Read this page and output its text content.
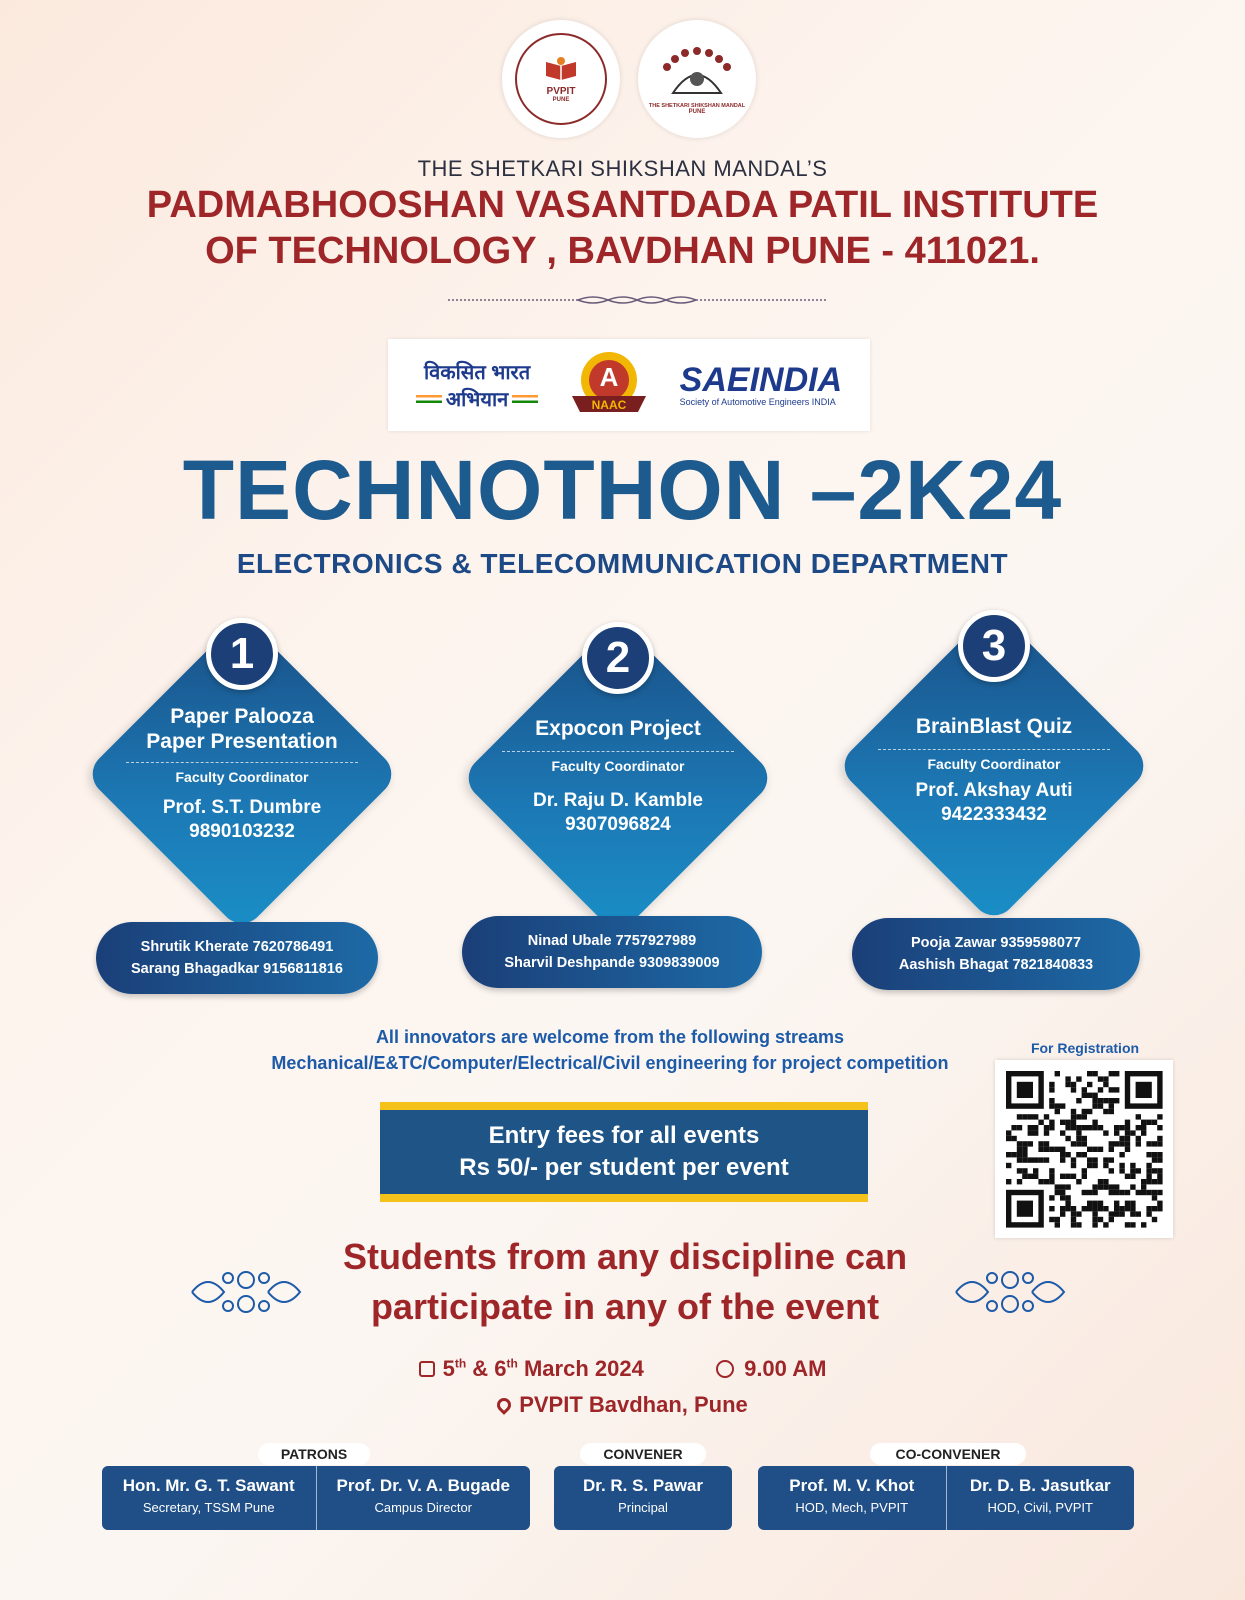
PVPIT
PUNE
THE SHETKARI SHIKSHAN MANDAL
PUNE
THE SHETKARI SHIKSHAN MANDAL’S
PADMABHOOSHAN VASANTDADA PATIL INSTITUTE
OF TECHNOLOGY , BAVDHAN PUNE - 411021.
विकसित भारत
अभियान
A
NAAC
SAEINDIA
Society of Automotive Engineers INDIA
TECHNOTHON –2K24
ELECTRONICS & TELECOMMUNICATION DEPARTMENT
1
Paper Palooza
Paper Presentation
Faculty Coordinator
Prof. S.T. Dumbre
9890103232
Shrutik Kherate 7620786491
Sarang Bhagadkar 9156811816
2
Expocon Project
Faculty Coordinator
Dr. Raju D. Kamble
9307096824
Ninad Ubale 7757927989
Sharvil Deshpande 9309839009
3
BrainBlast Quiz
Faculty Coordinator
Prof. Akshay Auti
9422333432
Pooja Zawar 9359598077
Aashish Bhagat 7821840833
All innovators are welcome from the following streams
Mechanical/E&TC/Computer/Electrical/Civil engineering for project competition
For Registration
Entry fees for all events
Rs 50/- per student per event
Students from any discipline can
participate in any of the event
5th & 6th March 2024	9.00 AM
PVPIT Bavdhan, Pune
PATRONS	CONVENER	CO-CONVENER
Hon. Mr. G. T. Sawant
Secretary, TSSM Pune
Prof. Dr. V. A. Bugade
Campus Director
Dr. R. S. Pawar
Principal
Prof. M. V. Khot
HOD, Mech, PVPIT
Dr. D. B. Jasutkar
HOD, Civil, PVPIT
